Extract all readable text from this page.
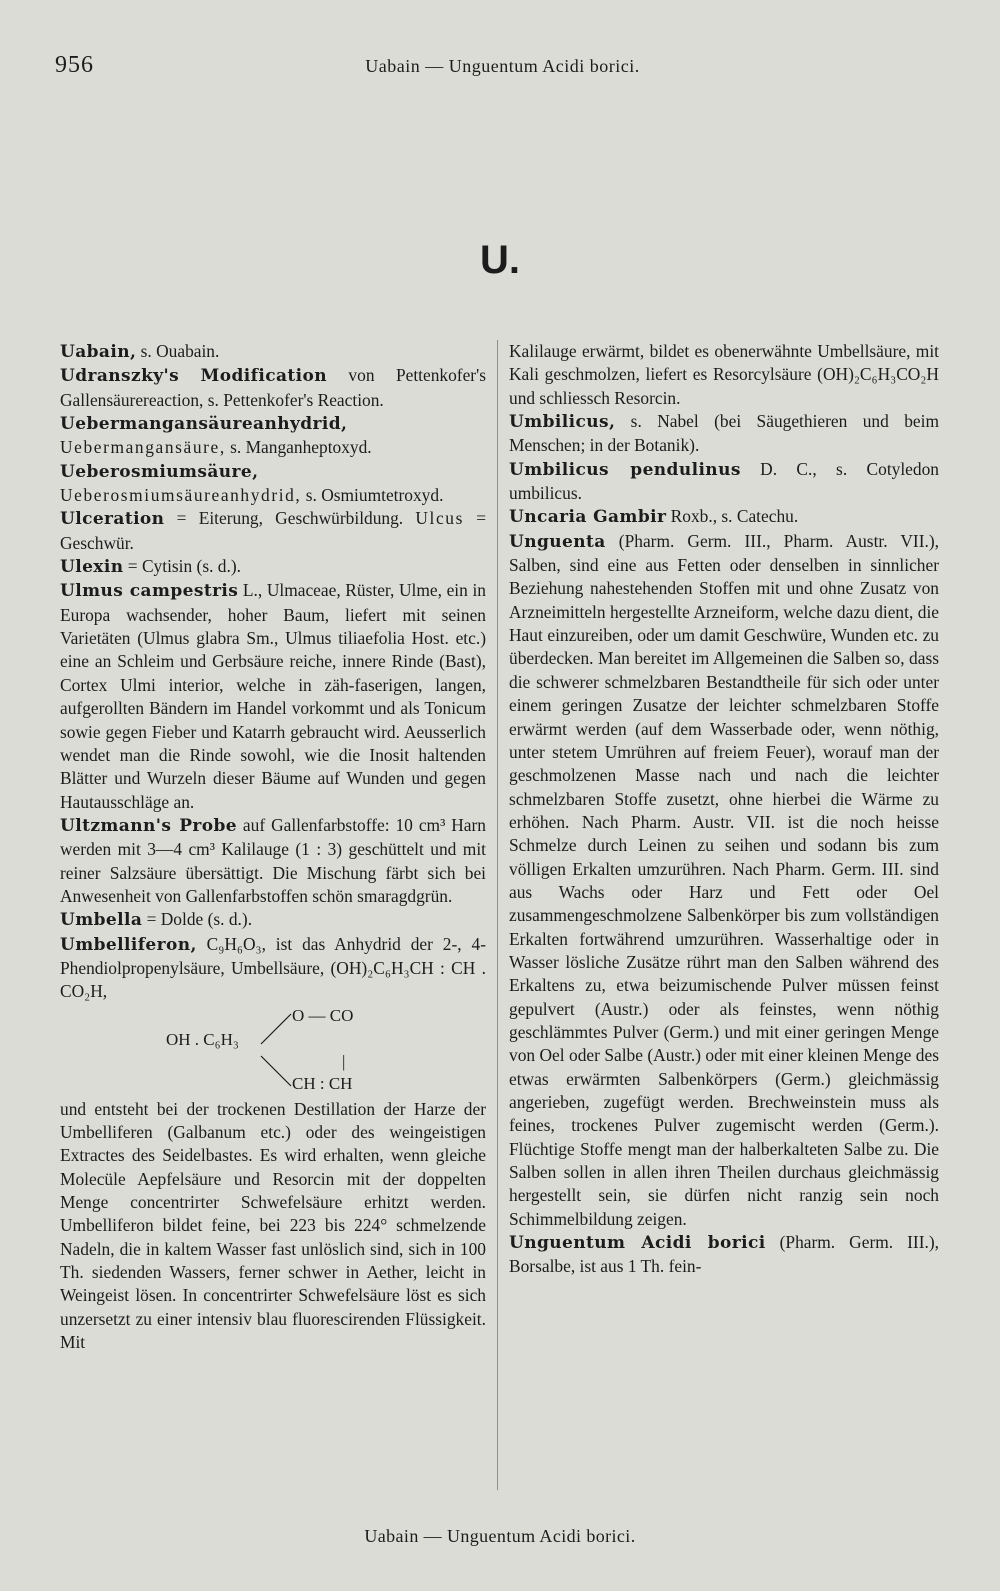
956	Uabain — Unguentum Acidi borici.
U.

Uabain, s. Ouabain.

Udranszky's Modification von Pettenkofer's Gallensäurereaction, s. Pettenkofer's Reaction.

Uebermangansäureanhydrid, Uebermangansäure, s. Manganheptoxyd.

Ueberosmiumsäure, Ueberosmiumsäureanhydrid, s. Osmiumtetroxyd.

Ulceration = Eiterung, Geschwürbildung. Ulcus = Geschwür.

Ulexin = Cytisin (s. d.).

Ulmus campestris L., Ulmaceae, Rüster, Ulme, ein in Europa wachsender, hoher Baum, liefert mit seinen Varietäten (Ulmus glabra Sm., Ulmus tiliaefolia Host. etc.) eine an Schleim und Gerbsäure reiche, innere Rinde (Bast), Cortex Ulmi interior, welche in zäh-faserigen, langen, aufgerollten Bändern im Handel vorkommt und als Tonicum sowie gegen Fieber und Katarrh gebraucht wird. Aeusserlich wendet man die Rinde sowohl, wie die Inosit haltenden Blätter und Wurzeln dieser Bäume auf Wunden und gegen Hautausschläge an.

Ultzmann's Probe auf Gallenfarbstoffe: 10 cm³ Harn werden mit 3—4 cm³ Kalilauge (1 : 3) geschüttelt und mit reiner Salzsäure übersättigt. Die Mischung färbt sich bei Anwesenheit von Gallenfarbstoffen schön smaragdgrün.

Umbella = Dolde (s. d.).

Umbelliferon, C₉H₆O₃, ist das Anhydrid der 2-, 4-Phendiolpropenylsäure, Umbellsäure, (OH)₂C₆H₃CH : CH . CO₂H,

O — CO
OH . C₆H₃
|
CH : CH

und entsteht bei der trockenen Destillation der Harze der Umbelliferen (Galbanum etc.) oder des weingeistigen Extractes des Seidelbastes. Es wird erhalten, wenn gleiche Molecüle Aepfelsäure und Resorcin mit der doppelten Menge concentrirter Schwefelsäure erhitzt werden. Umbelliferon bildet feine, bei 223 bis 224° schmelzende Nadeln, die in kaltem Wasser fast unlöslich sind, sich in 100 Th. siedenden Wassers, ferner schwer in Aether, leicht in Weingeist lösen. In concentrirter Schwefelsäure löst es sich unzersetzt zu einer intensiv blau fluorescirenden Flüssigkeit. Mit

Kalilauge erwärmt, bildet es obenerwähnte Umbellsäure, mit Kali geschmolzen, liefert es Resorcylsäure (OH)₂C₆H₃CO₂H und schliessch Resorcin.

Umbilicus, s. Nabel (bei Säugethieren und beim Menschen; in der Botanik).

Umbilicus pendulinus D. C., s. Cotyledon umbilicus.

Uncaria Gambir Roxb., s. Catechu.

Unguenta (Pharm. Germ. III., Pharm. Austr. VII.), Salben, sind eine aus Fetten oder denselben in sinnlicher Beziehung nahestehenden Stoffen mit und ohne Zusatz von Arzneimitteln hergestellte Arzneiform, welche dazu dient, die Haut einzureiben, oder um damit Geschwüre, Wunden etc. zu überdecken. Man bereitet im Allgemeinen die Salben so, dass die schwerer schmelzbaren Bestandtheile für sich oder unter einem geringen Zusatze der leichter schmelzbaren Stoffe erwärmt werden (auf dem Wasserbade oder, wenn nöthig, unter stetem Umrühren auf freiem Feuer), worauf man der geschmolzenen Masse nach und nach die leichter schmelzbaren Stoffe zusetzt, ohne hierbei die Wärme zu erhöhen. Nach Pharm. Austr. VII. ist die noch heisse Schmelze durch Leinen zu seihen und sodann bis zum völligen Erkalten umzurühren. Nach Pharm. Germ. III. sind aus Wachs oder Harz und Fett oder Oel zusammengeschmolzene Salbenkörper bis zum vollständigen Erkalten fortwährend umzurühren. Wasserhaltige oder in Wasser lösliche Zusätze rührt man den Salben während des Erkaltens zu, etwa beizumischende Pulver müssen feinst gepulvert (Austr.) oder als feinstes, wenn nöthig geschlämmtes Pulver (Germ.) und mit einer geringen Menge von Oel oder Salbe (Austr.) oder mit einer kleinen Menge des etwas erwärmten Salbenkörpers (Germ.) gleichmässig angerieben, zugefügt werden. Brechweinstein muss als feines, trockenes Pulver zugemischt werden (Germ.). Flüchtige Stoffe mengt man der halberkalteten Salbe zu. Die Salben sollen in allen ihren Theilen durchaus gleichmässig hergestellt sein, sie dürfen nicht ranzig sein noch Schimmelbildung zeigen.

Unguentum Acidi borici (Pharm. Germ. III.), Borsalbe, ist aus 1 Th. fein-

Uabain — Unguentum Acidi borici.
